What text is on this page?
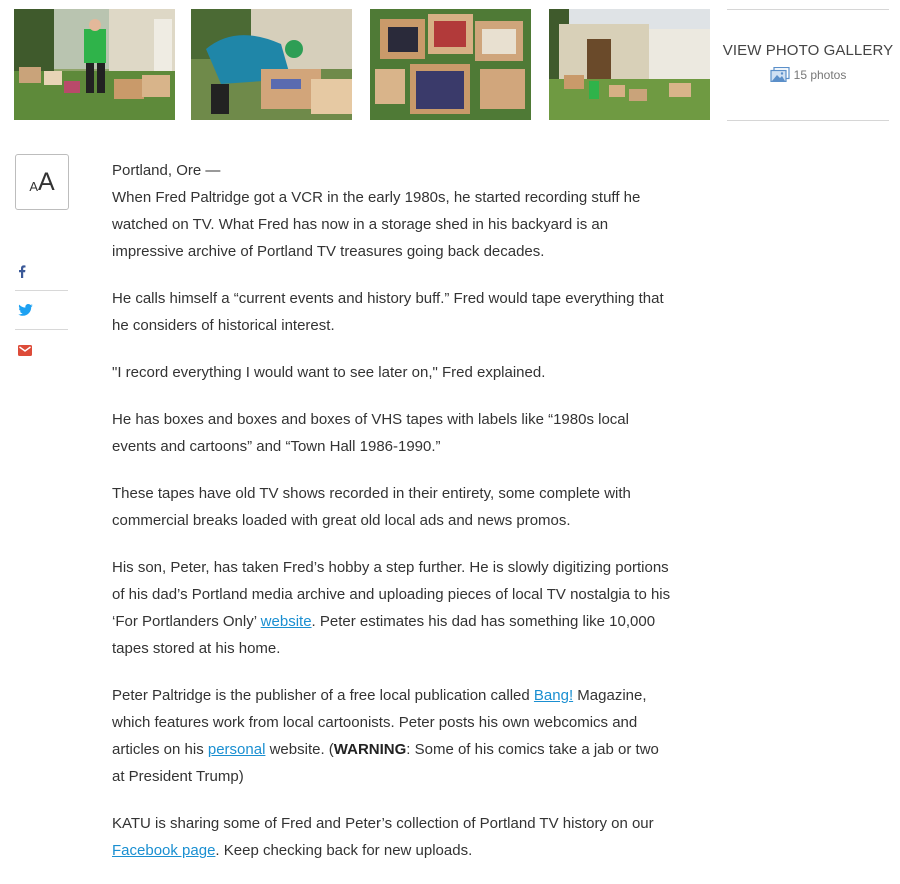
VIEW PHOTO GALLERY
15 photos
A A	Portland, Ore —

When Fred Paltridge got a VCR in the early 1980s, he started recording stuff he watched on TV. What Fred has now in a storage shed in his backyard is an impressive archive of Portland TV treasures going back decades.

He calls himself a “current events and history buff.” Fred would tape everything that he considers of historical interest.

"I record everything I would want to see later on," Fred explained.

He has boxes and boxes and boxes of VHS tapes with labels like “1980s local events and cartoons” and “Town Hall 1986-1990.”

These tapes have old TV shows recorded in their entirety, some complete with commercial breaks loaded with great old local ads and news promos.

His son, Peter, has taken Fred’s hobby a step further. He is slowly digitizing portions of his dad’s Portland media archive and uploading pieces of local TV nostalgia to his ‘For Portlanders Only’ website. Peter estimates his dad has something like 10,000 tapes stored at his home.

Peter Paltridge is the publisher of a free local publication called Bang! Magazine, which features work from local cartoonists. Peter posts his own webcomics and articles on his personal website. (WARNING: Some of his comics take a jab or two at President Trump)

KATU is sharing some of Fred and Peter’s collection of Portland TV history on our Facebook page. Keep checking back for new uploads.
